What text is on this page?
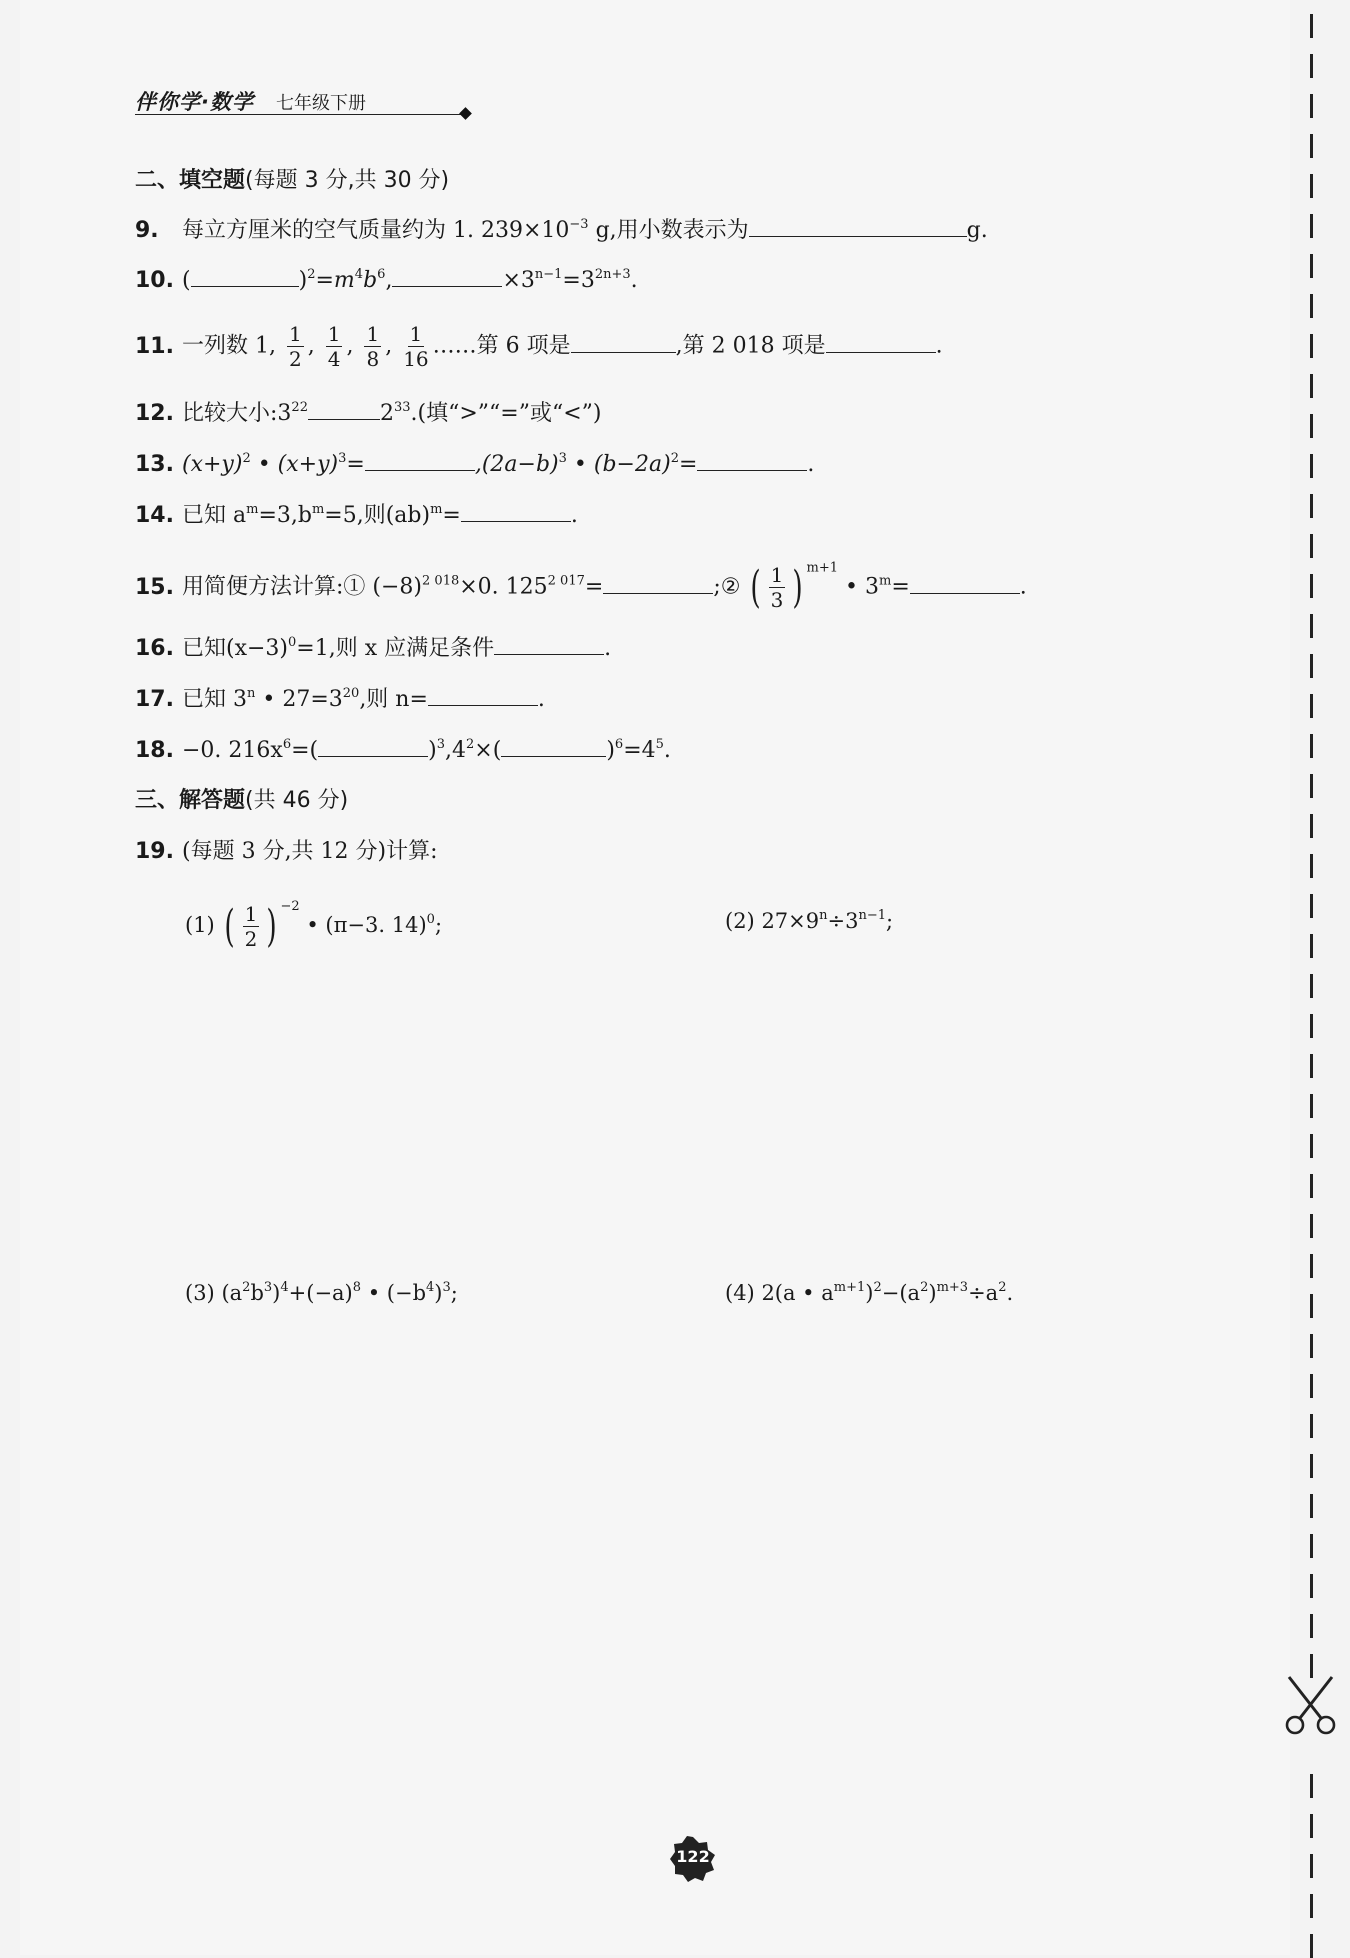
伴你学·数学 七年级下册
二、填空题(每题 3 分,共 30 分)
9. 每立方厘米的空气质量约为 1. $239\times 10^{-3}$ g,用小数表示为	g.
10. (	)$^2=m^4b^6$,	$\times 3^{n-1}=3^{2n+3}$.
11. 一列数 1, $\frac{1}{2}$ , $\frac{1}{4}$ , $\frac{1}{8}$ , $\frac{1}{16}$ ……第 6 项是	,第 2 018 项是	.
12. 比较大小$:3^{22}$	$2^{33}$.(填“>”“=”或“<”)
13. $(x+y)^2$ • $(x+y)^3=$	$,(2a-b)^3$ • $(b-2a)^2=$	.
14. 已知 $a^m=3,b^m=5$,则(ab)$^m$=	.
15. 用简便方法计算:① $(-8)^{2 018}\times 0$. $125^{2 017}=$	;② ( $\frac{1}{3}$ ) $^{m+1}$ • $3^m=$	.
16. 已知$(x-3)^0=1$,则 x 应满足条件	.
17. 已知 3$^n$ • $27=3^{20}$,则 n=	.
18. −0. $216x^6=$(	)$^3,4^2\times$(	)$^6=4^5$.
三、解答题(共 46 分)
19. (每题 3 分,共 12 分)计算:
(1) ( $\frac{1}{2}$ ) $^{-2}$ • (π−3. 14)$^0$;	(2) $27\times 9^n\div 3^{n-1}$;
(3) $(a^2b^3)^4+(-a)^8$ • $(-b^4)^3$;	(4) 2(a • $a^{m+1})^2-(a^2)^{m+3}\div a^2$.
122
